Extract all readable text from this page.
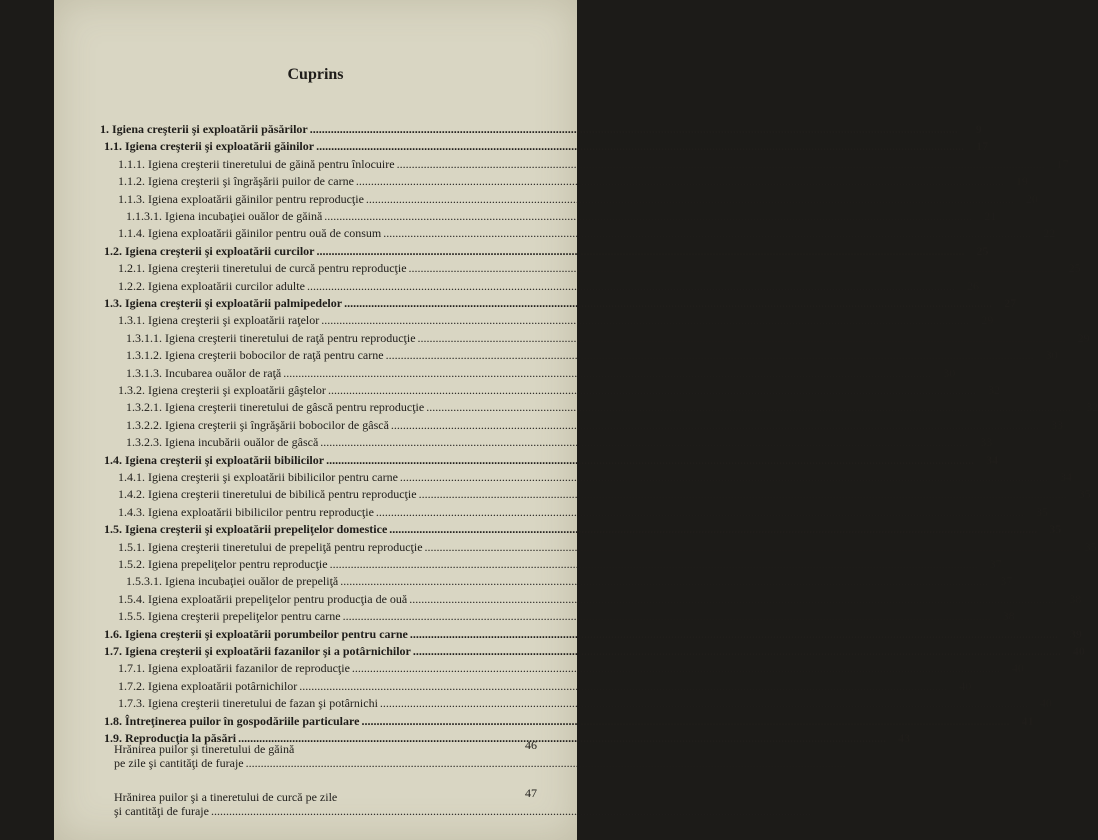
Cuprins
1. Igiena creşterii şi exploatării păsărilor .....	9
1.1. Igiena creşterii şi exploatării găinilor .....	17
1.1.1. Igiena creşterii tineretului de găină pentru înlocuire .....	17
1.1.2. Igiena creşterii şi îngrăşării puilor de carne .....	19
1.1.3. Igiena exploatării găinilor pentru reproducţie .....	20
1.1.3.1. Igiena incubaţiei ouălor de găină .....	21
1.1.4. Igiena exploatării găinilor pentru ouă de consum .....	22
1.2. Igiena creşterii şi exploatării curcilor .....	25
1.2.1. Igiena creşterii tineretului de curcă pentru reproducţie .....	25
1.2.2. Igiena exploatării curcilor adulte .....	26
1.3. Igiena creşterii şi exploatării palmipedelor .....	27
1.3.1. Igiena creşterii şi exploatării raţelor .....	29
1.3.1.1. Igiena creşterii tineretului de raţă pentru reproducţie .....	29
1.3.1.2. Igiena creşterii bobocilor de raţă pentru carne .....	30
1.3.1.3. Incubarea ouălor de raţă .....	30
1.3.2. Igiena creşterii şi exploatării gâştelor .....	32
1.3.2.1. Igiena creşterii tineretului de gâscă pentru reproducţie .....	32
1.3.2.2. Igiena creşterii şi îngrăşării bobocilor de gâscă .....	33
1.3.2.3. Igiena incubării ouălor de gâscă .....	33
1.4. Igiena creşterii şi exploatării bibilicilor .....	34
1.4.1. Igiena creşterii şi exploatării bibilicilor pentru carne .....	34
1.4.2. Igiena creşterii tineretului de bibilică pentru reproducţie .....	35
1.4.3. Igiena exploatării bibilicilor pentru reproducţie .....	35
1.5. Igiena creşterii şi exploatării prepeliţelor domestice .....	35
1.5.1. Igiena creşterii tineretului de prepeliţă pentru reproducţie .....	35
1.5.2. Igiena prepeliţelor pentru reproducţie .....	37
1.5.3.1. Igiena incubaţiei ouălor de prepeliţă .....	37
1.5.4. Igiena exploatării prepeliţelor pentru producţia de ouă .....	38
1.5.5. Igiena creşterii prepeliţelor pentru carne .....	38
1.6. Igiena creşterii şi exploatării porumbeilor pentru carne .....	39
1.7. Igiena creşterii şi exploatării fazanilor şi a potârnichilor .....	40
1.7.1. Igiena exploatării fazanilor de reproducţie .....	40
1.7.2. Igiena exploatării potârnichilor .....	40
1.7.3. Igiena creşterii tineretului de fazan şi potârnichi .....	40
1.8. Întreţinerea puilor în gospodăriile particulare .....	41
1.9. Reproducţia la păsări .....	43
Hrănirea puilor şi tineretului de găină
pe zile şi cantităţi de furaje ........................................................................................................................................................................................................
46
Hrănirea puilor şi a tineretului de curcă pe zile
şi cantităţi de furaje ........................................................................................................................................................................................................
47
